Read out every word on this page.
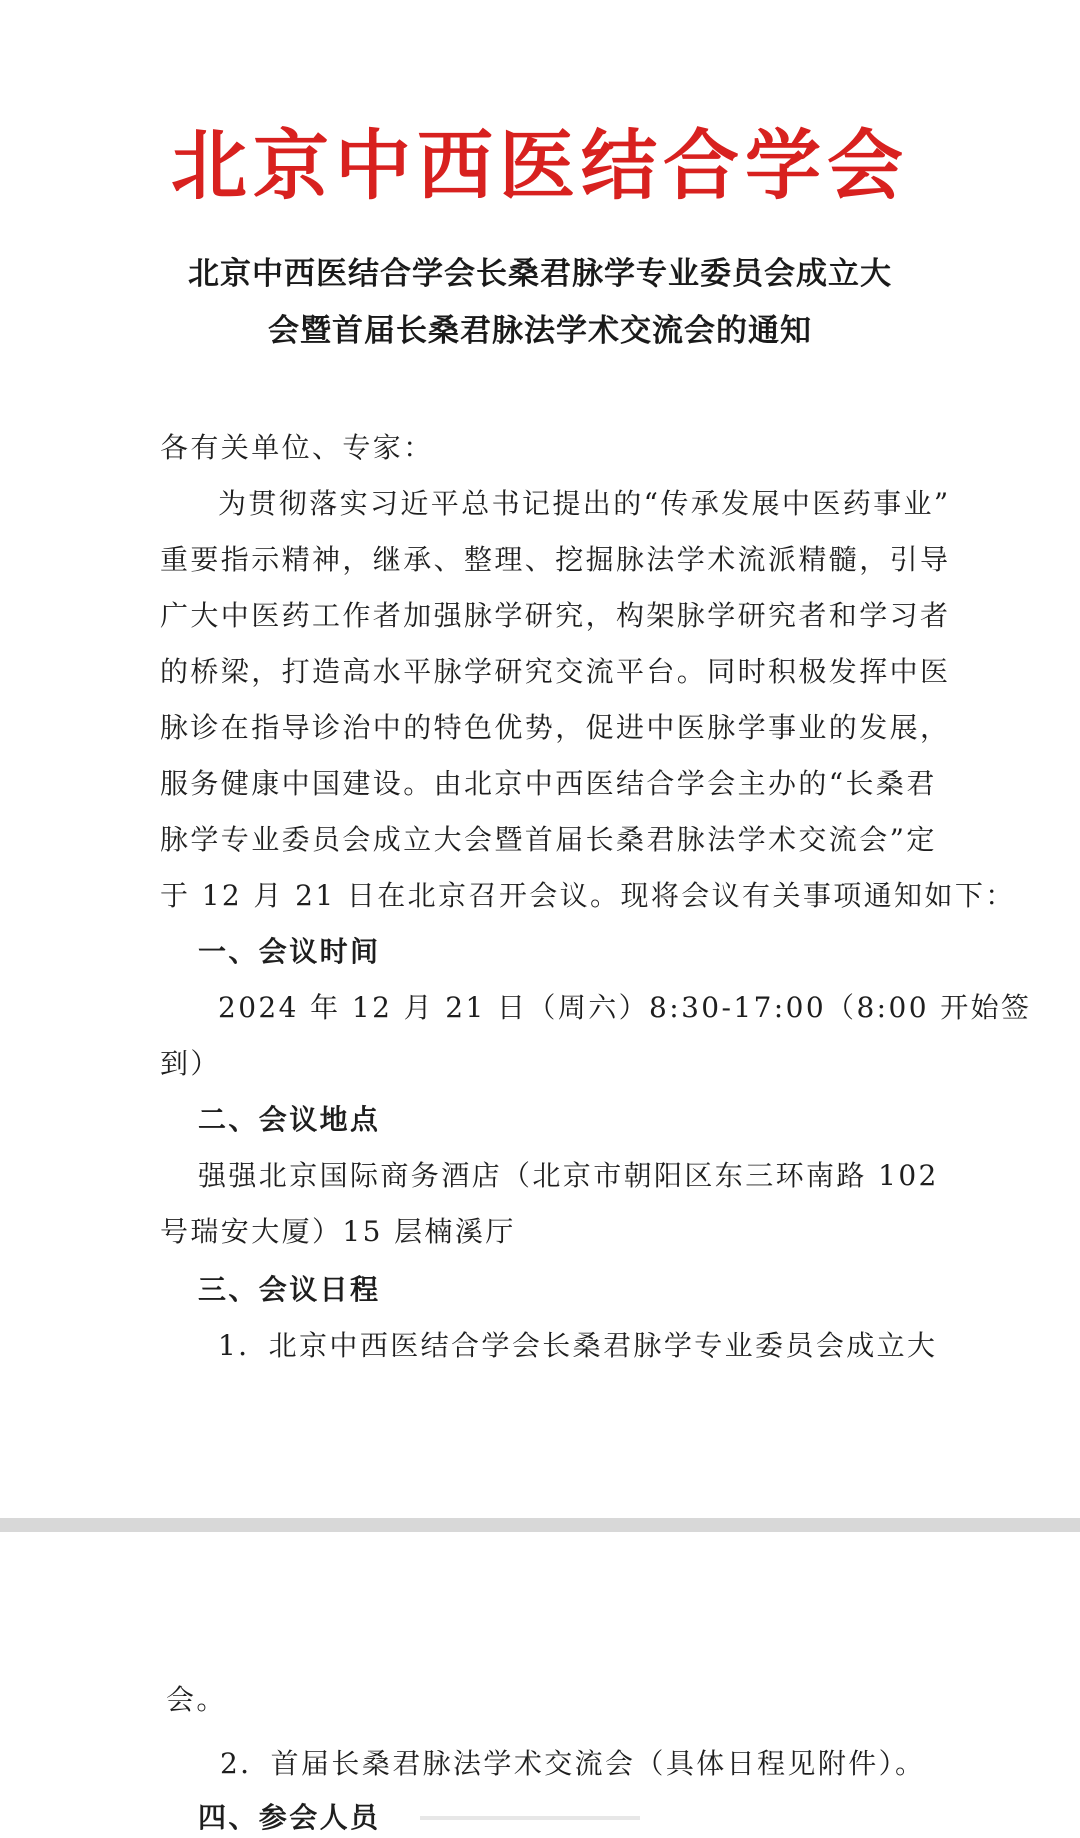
北京中西医结合学会
北京中西医结合学会长桑君脉学专业委员会成立大
会暨首届长桑君脉法学术交流会的通知
各有关单位、专家：
为贯彻落实习近平总书记提出的“传承发展中医药事业”
重要指示精神，继承、整理、挖掘脉法学术流派精髓，引导
广大中医药工作者加强脉学研究，构架脉学研究者和学习者
的桥梁，打造高水平脉学研究交流平台。同时积极发挥中医
脉诊在指导诊治中的特色优势，促进中医脉学事业的发展，
服务健康中国建设。由北京中西医结合学会主办的“长桑君
脉学专业委员会成立大会暨首届长桑君脉法学术交流会”定
于 12 月 21 日在北京召开会议。现将会议有关事项通知如下：
一、会议时间
2024 年 12 月 21 日（周六）8:30-17:00（8:00 开始签
到）
二、会议地点
强强北京国际商务酒店（北京市朝阳区东三环南路 102
号瑞安大厦）15 层楠溪厅
三、会议日程
1．北京中西医结合学会长桑君脉学专业委员会成立大
会。
2．首届长桑君脉法学术交流会（具体日程见附件）。
四、参会人员
